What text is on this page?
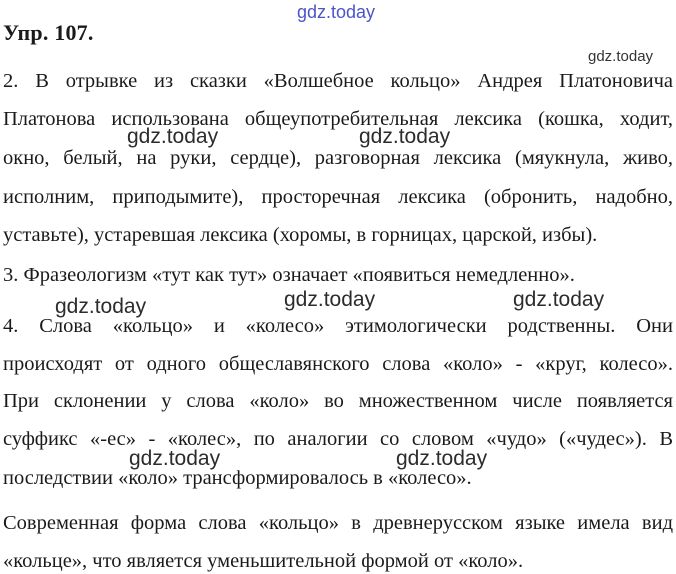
gdz.today
Упр. 107.
gdz.today
2. В отрывке из сказки «Волшебное кольцо» Андрея Платоновича
Платонова использована общеупотребительная лексика (кошка, ходит,
gdz.today	gdz.today
окно, белый, на руки, сердце), разговорная лексика (мяукнула, живо,
исполним, приподымите), просторечная лексика (обронить, надобно,
уставьте), устаревшая лексика (хоромы, в горницах, царской, избы).
3. Фразеологизм «тут как тут» означает «появиться немедленно».
gdz.today	gdz.today	gdz.today
4. Слова «кольцо» и «колесо» этимологически родственны. Они
происходят от одного общеславянского слова «коло» - «круг, колесо».
При склонении у слова «коло» во множественном числе появляется
суффикс «-ес» - «колес», по аналогии со словом «чудо» («чудес»). В
gdz.today	gdz.today
последствии «коло» трансформировалось в «колесо».
Современная форма слова «кольцо» в древнерусском языке имела вид
«кольце», что является уменьшительной формой от «коло».
